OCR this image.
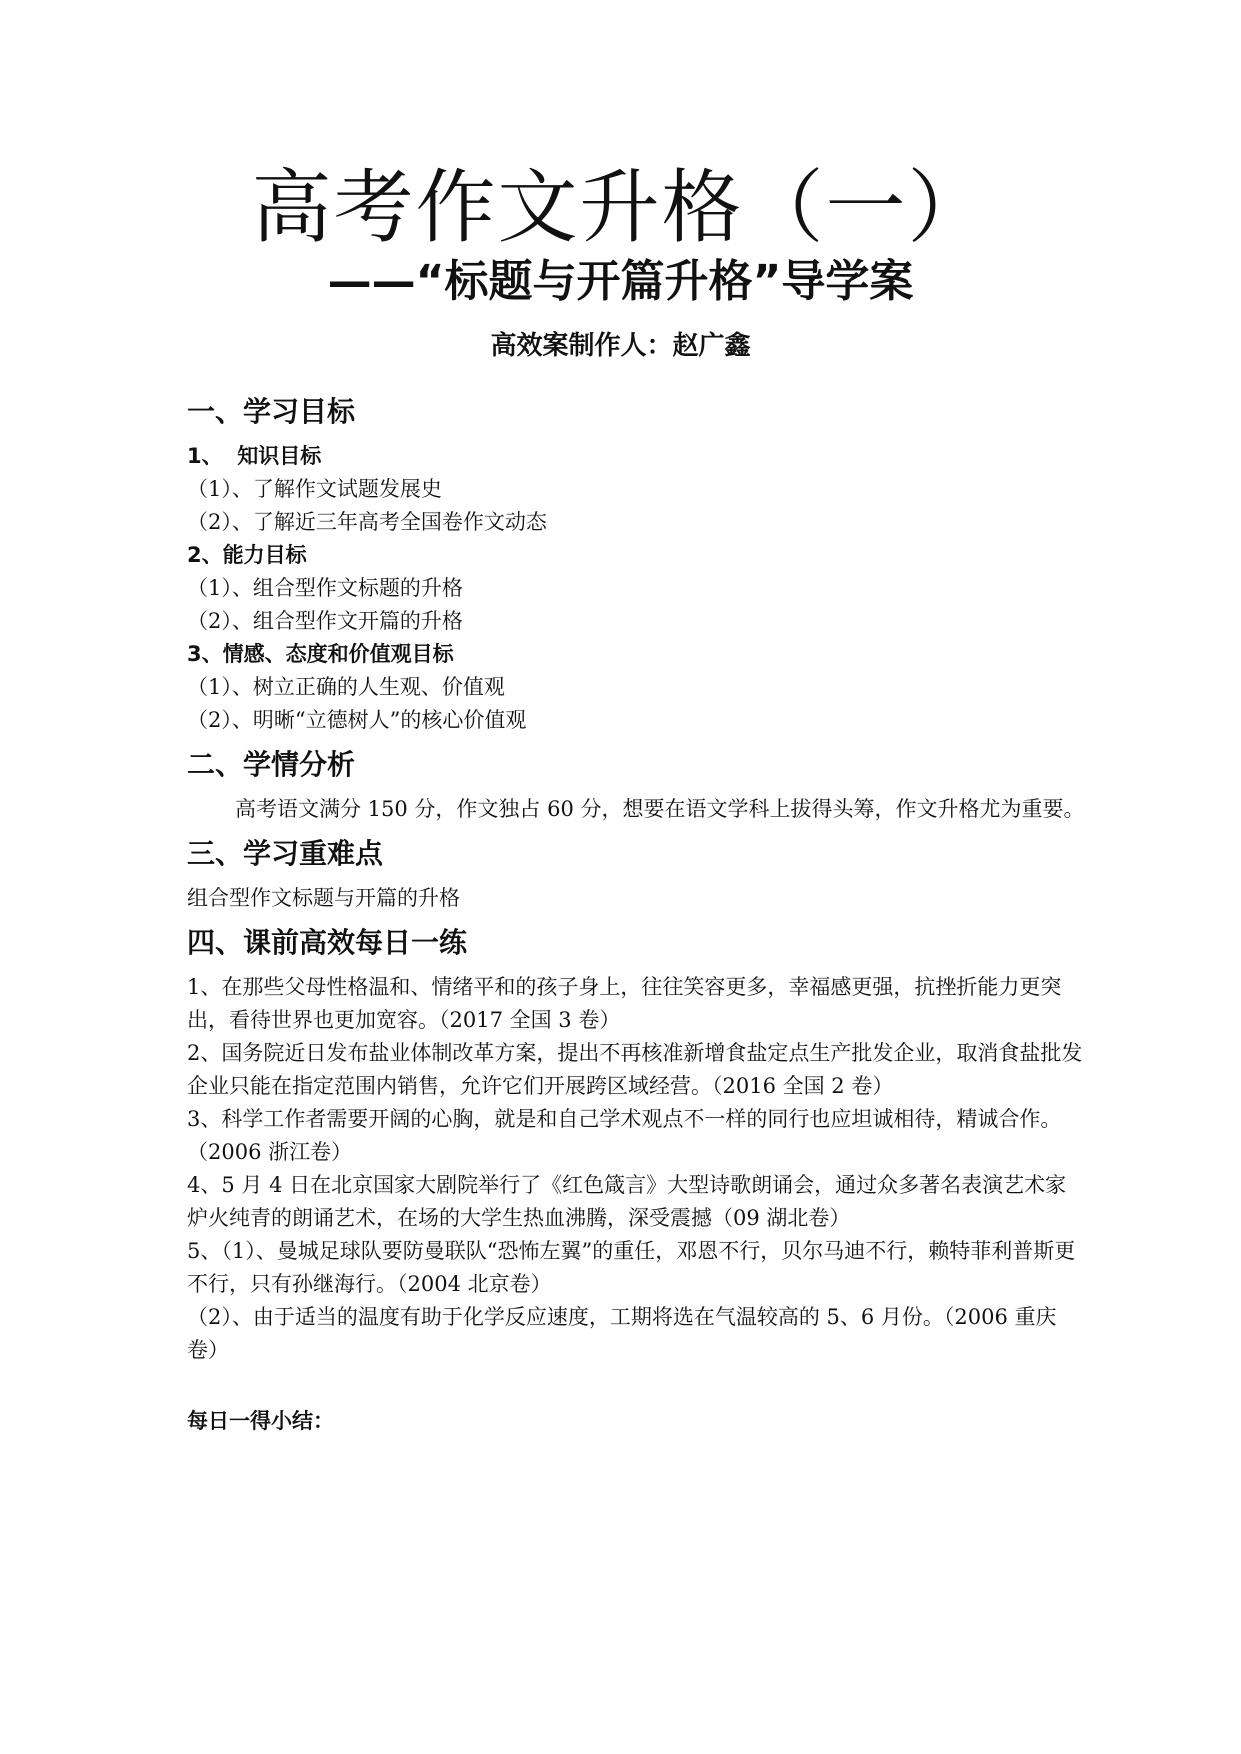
高考作文升格（一）
——“标题与开篇升格”导学案
高效案制作人：赵广鑫

一、学习目标

1、  知识目标

（1）、了解作文试题发展史

（2）、了解近三年高考全国卷作文动态

2、能力目标

（1）、组合型作文标题的升格

（2）、组合型作文开篇的升格

3、情感、态度和价值观目标

（1）、树立正确的人生观、价值观

（2）、明晰“立德树人”的核心价值观

二、学情分析

高考语文满分 150 分，作文独占 60 分，想要在语文学科上拔得头筹，作文升格尤为重要。

三、学习重难点

组合型作文标题与开篇的升格

四、课前高效每日一练

1、在那些父母性格温和、情绪平和的孩子身上，往往笑容更多，幸福感更强，抗挫折能力更突出，看待世界也更加宽容。（2017 全国 3 卷）

2、国务院近日发布盐业体制改革方案，提出不再核准新增食盐定点生产批发企业，取消食盐批发企业只能在指定范围内销售，允许它们开展跨区域经营。（2016 全国 2 卷）

3、科学工作者需要开阔的心胸，就是和自己学术观点不一样的同行也应坦诚相待，精诚合作。（2006 浙江卷）

4、5 月 4 日在北京国家大剧院举行了《红色箴言》大型诗歌朗诵会，通过众多著名表演艺术家炉火纯青的朗诵艺术，在场的大学生热血沸腾，深受震撼（09 湖北卷）

5、（1）、曼城足球队要防曼联队“恐怖左翼”的重任，邓恩不行，贝尔马迪不行，赖特菲利普斯更不行，只有孙继海行。（2004 北京卷）

（2）、由于适当的温度有助于化学反应速度，工期将选在气温较高的 5、6 月份。（2006 重庆卷）

每日一得小结：
